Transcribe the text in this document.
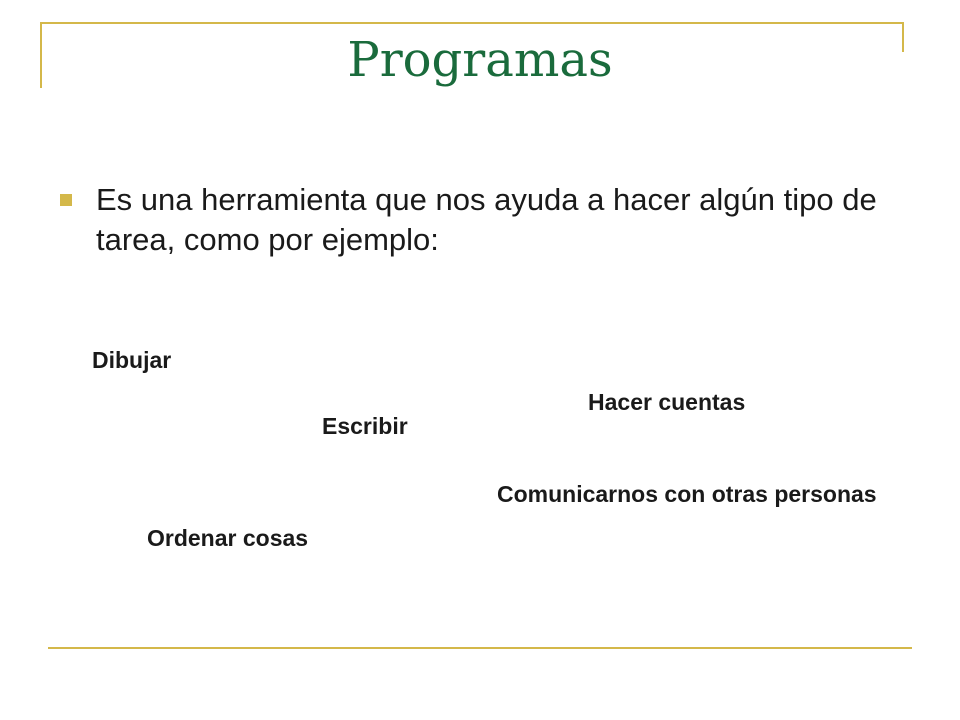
Programas
Es una herramienta que nos ayuda a hacer algún tipo de tarea, como por ejemplo:
Dibujar
Hacer cuentas
Escribir
Comunicarnos con otras personas
Ordenar cosas
